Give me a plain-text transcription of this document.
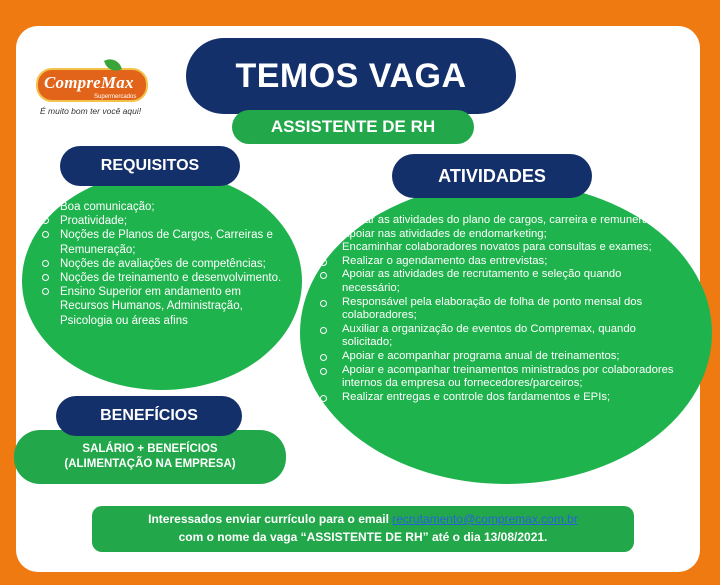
CompreMax
Supermercados
É muito bom ter você aqui!
TEMOS VAGA
ASSISTENTE DE RH
REQUISITOS
Boa comunicação;
Proatividade;
Noções de Planos de Cargos, Carreiras e Remuneração;
Noções de avaliações de competências;
Noções de treinamento e desenvolvimento.
Ensino Superior em andamento em Recursos Humanos, Administração, Psicologia ou áreas afins
ATIVIDADES
Apoiar as atividades do plano de cargos, carreira e remuneração;
Apoiar nas atividades de endomarketing;
Encaminhar colaboradores novatos para consultas e exames;
Realizar o agendamento das entrevistas;
Apoiar as atividades de recrutamento e seleção quando necessário;
Responsável pela elaboração de folha de ponto mensal dos colaboradores;
Auxiliar a organização de eventos do Compremax, quando solicitado;
Apoiar e acompanhar programa anual de treinamentos;
Apoiar e acompanhar treinamentos ministrados por colaboradores internos da empresa ou fornecedores/parceiros;
Realizar entregas e controle dos fardamentos e EPIs;
SALÁRIO + BENEFÍCIOS
(ALIMENTAÇÃO NA EMPRESA)
BENEFÍCIOS
Interessados enviar currículo para o email recrutamento@compremax.com.br
com o nome da vaga “ASSISTENTE DE RH” até o dia 13/08/2021.
